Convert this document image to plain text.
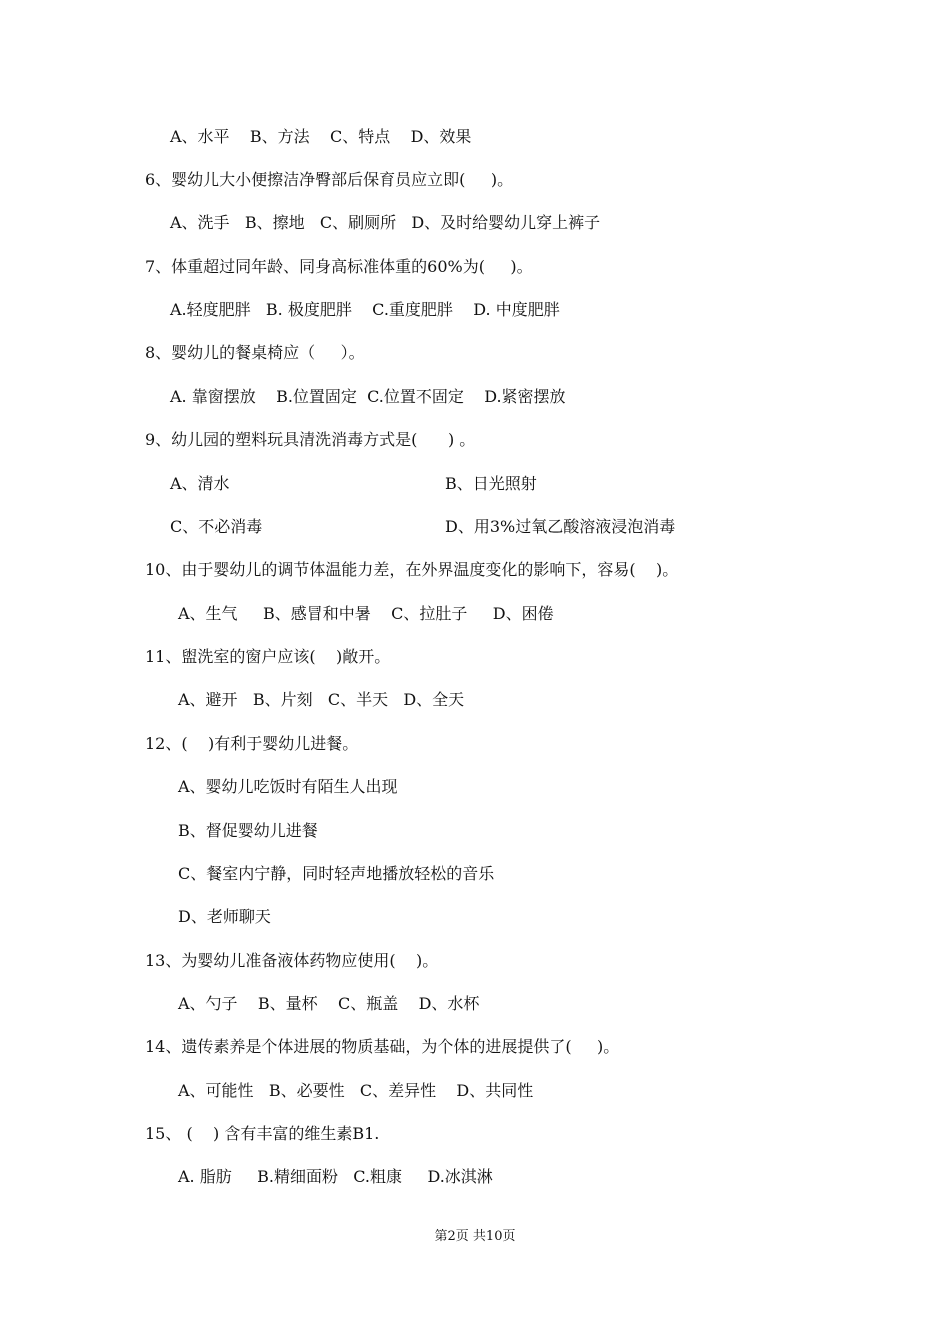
A、水平    B、方法    C、特点    D、效果
6、婴幼儿大小便擦洁净臀部后保育员应立即(     )。
A、洗手   B、擦地   C、刷厕所   D、及时给婴幼儿穿上裤子
7、体重超过同年龄、同身高标准体重的60%为(     )。
A.轻度肥胖   B. 极度肥胖    C.重度肥胖    D. 中度肥胖
8、婴幼儿的餐桌椅应（     ）。
A. 靠窗摆放    B.位置固定  C.位置不固定    D.紧密摆放
9、幼儿园的塑料玩具清洗消毒方式是(      ) 。
A、清水	B、日光照射
C、不必消毒	D、用3%过氧乙酸溶液浸泡消毒
10、由于婴幼儿的调节体温能力差，在外界温度变化的影响下，容易(    )。
A、生气     B、感冒和中暑    C、拉肚子     D、困倦
11、盥洗室的窗户应该(    )敞开。
A、避开   B、片刻   C、半天   D、全天
12、(    )有利于婴幼儿进餐。
A、婴幼儿吃饭时有陌生人出现
B、督促婴幼儿进餐
C、餐室内宁静，同时轻声地播放轻松的音乐
D、老师聊天
13、为婴幼儿准备液体药物应使用(    )。
A、勺子    B、量杯    C、瓶盖    D、水杯
14、遗传素养是个体进展的物质基础，为个体的进展提供了(     )。
A、可能性   B、必要性   C、差异性    D、共同性
15、 (    ) 含有丰富的维生素B1.
A. 脂肪     B.精细面粉   C.粗康     D.冰淇淋
第2页 共10页
